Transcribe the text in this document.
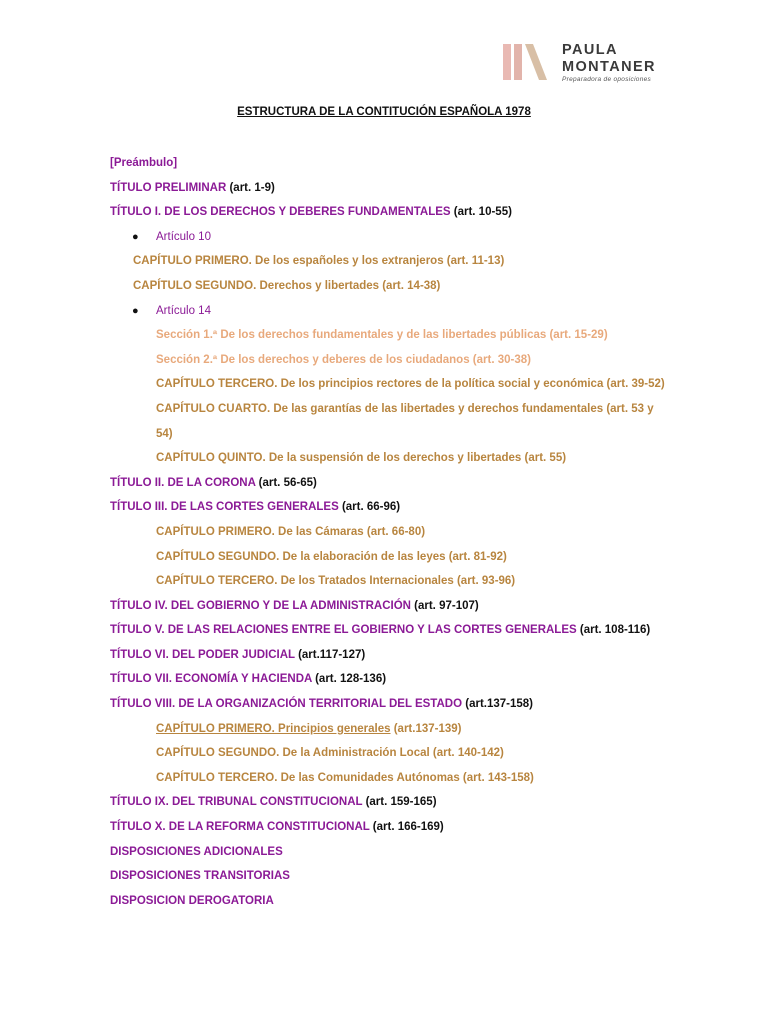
PAULA
MONTANER
Preparadora de oposiciones
ESTRUCTURA DE LA CONTITUCIÓN ESPAÑOLA 1978
[Preámbulo]
TÍTULO PRELIMINAR (art. 1-9)
TÍTULO I. DE LOS DERECHOS Y DEBERES FUNDAMENTALES (art. 10-55)
● Artículo 10
CAPÍTULO PRIMERO. De los españoles y los extranjeros (art. 11-13)
CAPÍTULO SEGUNDO. Derechos y libertades (art. 14-38)
● Artículo 14
Sección 1.ª De los derechos fundamentales y de las libertades públicas (art. 15-29)
Sección 2.ª De los derechos y deberes de los ciudadanos (art. 30-38)
CAPÍTULO TERCERO. De los principios rectores de la política social y económica (art. 39-52)
CAPÍTULO CUARTO. De las garantías de las libertades y derechos fundamentales (art. 53 y 54)
CAPÍTULO QUINTO. De la suspensión de los derechos y libertades (art. 55)
TÍTULO II. DE LA CORONA (art. 56-65)
TÍTULO III. DE LAS CORTES GENERALES (art. 66-96)
CAPÍTULO PRIMERO. De las Cámaras (art. 66-80)
CAPÍTULO SEGUNDO. De la elaboración de las leyes (art. 81-92)
CAPÍTULO TERCERO. De los Tratados Internacionales (art. 93-96)
TÍTULO IV. DEL GOBIERNO Y DE LA ADMINISTRACIÓN (art. 97-107)
TÍTULO V. DE LAS RELACIONES ENTRE EL GOBIERNO Y LAS CORTES GENERALES (art. 108-116)
TÍTULO VI. DEL PODER JUDICIAL (art.117-127)
TÍTULO VII. ECONOMÍA Y HACIENDA (art. 128-136)
TÍTULO VIII. DE LA ORGANIZACIÓN TERRITORIAL DEL ESTADO (art.137-158)
CAPÍTULO PRIMERO. Principios generales (art.137-139)
CAPÍTULO SEGUNDO. De la Administración Local (art. 140-142)
CAPÍTULO TERCERO. De las Comunidades Autónomas (art. 143-158)
TÍTULO IX. DEL TRIBUNAL CONSTITUCIONAL (art. 159-165)
TÍTULO X. DE LA REFORMA CONSTITUCIONAL (art. 166-169)
DISPOSICIONES ADICIONALES
DISPOSICIONES TRANSITORIAS
DISPOSICION DEROGATORIA
